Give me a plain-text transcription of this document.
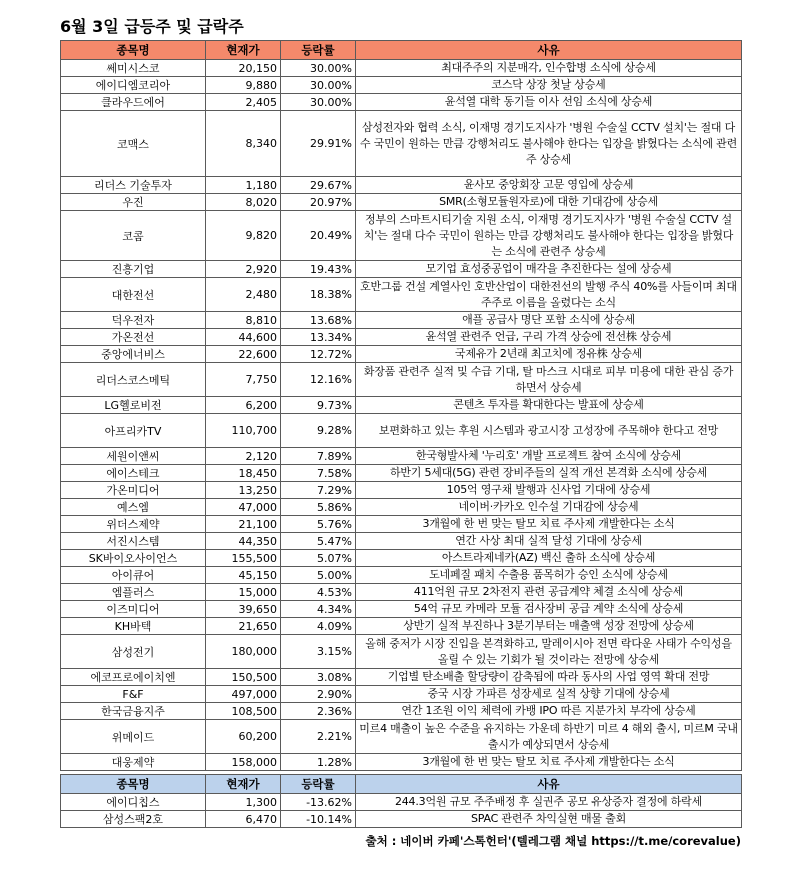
6월 3일 급등주 및 급락주
종목명	현재가	등락률	사유
쎄미시스코	20,150	30.00%	최대주주의 지분매각, 인수합병 소식에 상승세
에이디엠코리아	9,880	30.00%	코스닥 상장 첫날 상승세
클라우드에어	2,405	30.00%	윤석열 대학 동기들 이사 선임 소식에 상승세
코맥스	8,340	29.91%	삼성전자와 협력 소식, 이재명 경기도지사가 '병원 수술실 CCTV 설치'는 절대 다수 국민이 원하는 만큼 강행처리도 불사해야 한다는 입장을 밝혔다는 소식에 관련주 상승세
리더스 기술투자	1,180	29.67%	윤사모 중앙회장 고문 영입에 상승세
우진	8,020	20.97%	SMR(소형모듈원자로)에 대한 기대감에 상승세
코콤	9,820	20.49%	정부의 스마트시티기술 지원 소식, 이재명 경기도지사가 '병원 수술실 CCTV 설치'는 절대 다수 국민이 원하는 만큼 강행처리도 불사해야 한다는 입장을 밝혔다는 소식에 관련주 상승세
진흥기업	2,920	19.43%	모기업 효성중공업이 매각을 추진한다는 설에 상승세
대한전선	2,480	18.38%	호반그룹 건설 계열사인 호반산업이 대한전선의 발행 주식 40%를 사들이며 최대주주로 이름을 올렸다는 소식
덕우전자	8,810	13.68%	애플 공급사 명단 포함 소식에 상승세
가온전선	44,600	13.34%	윤석열 관련주 언급, 구리 가격 상승에 전선株 상승세
중앙에너비스	22,600	12.72%	국제유가 2년래 최고치에 정유株 상승세
리더스코스메틱	7,750	12.16%	화장품 관련주 실적 및 수급 기대, 탈 마스크 시대로 피부 미용에 대한 관심 증가하면서 상승세
LG헬로비전	6,200	9.73%	콘텐츠 투자를 확대한다는 발표에 상승세
아프리카TV	110,700	9.28%	보편화하고 있는 후원 시스템과 광고시장 고성장에 주목해야 한다고 전망
세원이앤씨	2,120	7.89%	한국형발사체 '누리호' 개발 프로젝트 참여 소식에 상승세
에이스테크	18,450	7.58%	하반기 5세대(5G) 관련 장비주들의 실적 개선 본격화 소식에 상승세
가온미디어	13,250	7.29%	105억 영구채 발행과 신사업 기대에 상승세
예스엠	47,000	5.86%	네이버·카카오 인수설 기대감에 상승세
위더스제약	21,100	5.76%	3개월에 한 번 맞는 탈모 치료 주사제 개발한다는 소식
서진시스템	44,350	5.47%	연간 사상 최대 실적 달성 기대에 상승세
SK바이오사이언스	155,500	5.07%	아스트라제네카(AZ) 백신 출하 소식에 상승세
아이큐어	45,150	5.00%	도네페질 패치 수출용 품목허가 승인 소식에 상승세
엠플러스	15,000	4.53%	411억원 규모 2차전지 관련 공급계약 체결 소식에 상승세
이즈미디어	39,650	4.34%	54억 규모 카메라 모듈 검사장비 공급 계약 소식에 상승세
KH바텍	21,650	4.09%	상반기 실적 부진하나 3분기부터는 매출액 성장 전망에 상승세
삼성전기	180,000	3.15%	올해 중저가 시장 진입을 본격화하고, 말레이시아 전면 락다운 사태가 수익성을 올릴 수 있는 기회가 될 것이라는 전망에 상승세
에코프로에이치엔	150,500	3.08%	기업별 탄소배출 할당량이 감축됨에 따라 동사의 사업 영역 확대 전망
F&F	497,000	2.90%	중국 시장 가파른 성장세로 실적 상향 기대에 상승세
한국금융지주	108,500	2.36%	연간 1조원 이익 체력에 카뱅 IPO 따른 지분가치 부각에 상승세
위메이드	60,200	2.21%	미르4 매출이 높은 수준을 유지하는 가운데 하반기 미르 4 해외 출시, 미르M 국내 출시가 예상되면서 상승세
대웅제약	158,000	1.28%	3개월에 한 번 맞는 탈모 치료 주사제 개발한다는 소식
종목명	현재가	등락률	사유
에이디칩스	1,300	-13.62%	244.3억원 규모 주주배정 후 실권주 공모 유상증자 결정에 하락세
삼성스팩2호	6,470	-10.14%	SPAC 관련주 차익실현 매물 출회
출처 : 네이버 카페'스톡헌터'(텔레그램 채널 https://t.me/corevalue)
